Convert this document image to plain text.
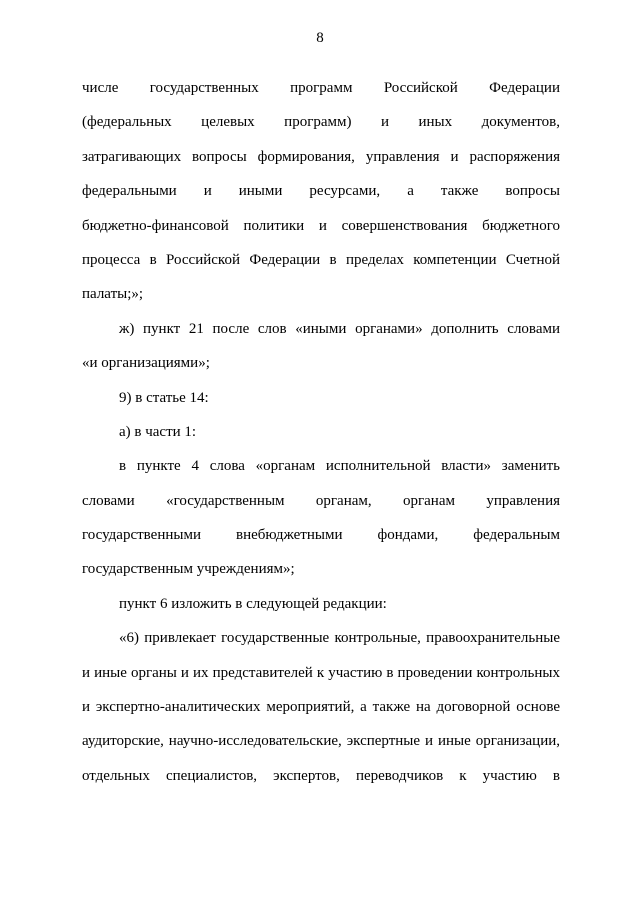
8
числе государственных программ Российской Федерации
(федеральных целевых программ) и иных документов,
затрагивающих вопросы формирования, управления и распоряжения
федеральными и иными ресурсами, а также вопросы
бюджетно-финансовой политики и совершенствования бюджетного
процесса в Российской Федерации в пределах компетенции Счетной
палаты;»;
ж) пункт 21 после слов «иными органами» дополнить словами
«и организациями»;
9) в статье 14:
а) в части 1:
в пункте 4 слова «органам исполнительной власти» заменить
словами «государственным органам, органам управления
государственными внебюджетными фондами, федеральным
государственным учреждениям»;
пункт 6 изложить в следующей редакции:
«6) привлекает государственные контрольные, правоохранительные
и иные органы и их представителей к участию в проведении контрольных
и экспертно-аналитических мероприятий, а также на договорной основе
аудиторские, научно-исследовательские, экспертные и иные организации,
отдельных специалистов, экспертов, переводчиков к участию в
